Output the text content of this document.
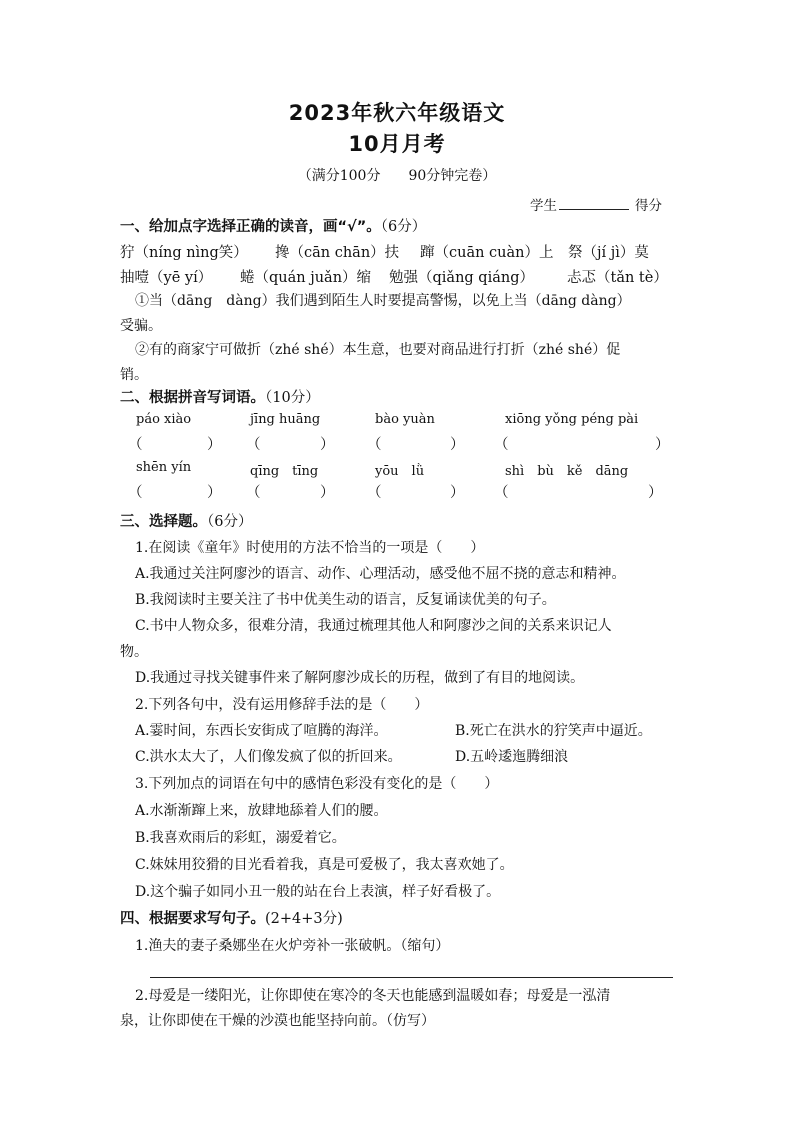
2023年秋六年级语文
10月月考
（满分100分　　90分钟完卷）
学生	得分
一、给加点字选择正确的读音，画“√”。（6分）
狞（níng nìng笑） 搀（cān chān）扶 蹿（cuān cuàn）上 祭（jí jì）莫
抽噎（yē yí） 蜷（quán juǎn）缩 勉强（qiǎng qiáng） 忐忑（tǎn tè）
①当（dāng　dàng）我们遇到陌生人时要提高警惕，以免上当（dāng dàng）
受骗。
②有的商家宁可做折（zhé shé）本生意，也要对商品进行打折（zhé shé）促
销。
二、根据拼音写词语。（10分）
páo xiào	jīng huāng	bào yuàn	xiōng yǒng péng pài
（	） （	） （	） （	）
shēn yín	qīng　tīng	yōu　lǜ	shì　bù　kě　dāng
（	） （	） （	） （	）
三、选择题。（6分）
1.在阅读《童年》时使用的方法不恰当的一项是（　　）
A.我通过关注阿廖沙的语言、动作、心理活动，感受他不屈不挠的意志和精神。
B.我阅读时主要关注了书中优美生动的语言，反复诵读优美的句子。
C.书中人物众多，很难分清，我通过梳理其他人和阿廖沙之间的关系来识记人
物。
D.我通过寻找关键事件来了解阿廖沙成长的历程，做到了有目的地阅读。
2.下列各句中，没有运用修辞手法的是（　　）
A.霎时间，东西长安街成了喧腾的海洋。	B.死亡在洪水的狞笑声中逼近。
C.洪水太大了，人们像发疯了似的折回来。	D.五岭逶迤腾细浪
3.下列加点的词语在句中的感情色彩没有变化的是（　　）
A.水渐渐蹿上来，放肆地舔着人们的腰。
B.我喜欢雨后的彩虹，溺爱着它。
C.妹妹用狡猾的目光看着我，真是可爱极了，我太喜欢她了。
D.这个骗子如同小丑一般的站在台上表演，样子好看极了。
四、根据要求写句子。(2+4+3分)
1.渔夫的妻子桑娜坐在火炉旁补一张破帆。（缩句）
2.母爱是一缕阳光，让你即使在寒冷的冬天也能感到温暖如春；母爱是一泓清
泉，让你即使在干燥的沙漠也能坚持向前。（仿写）
